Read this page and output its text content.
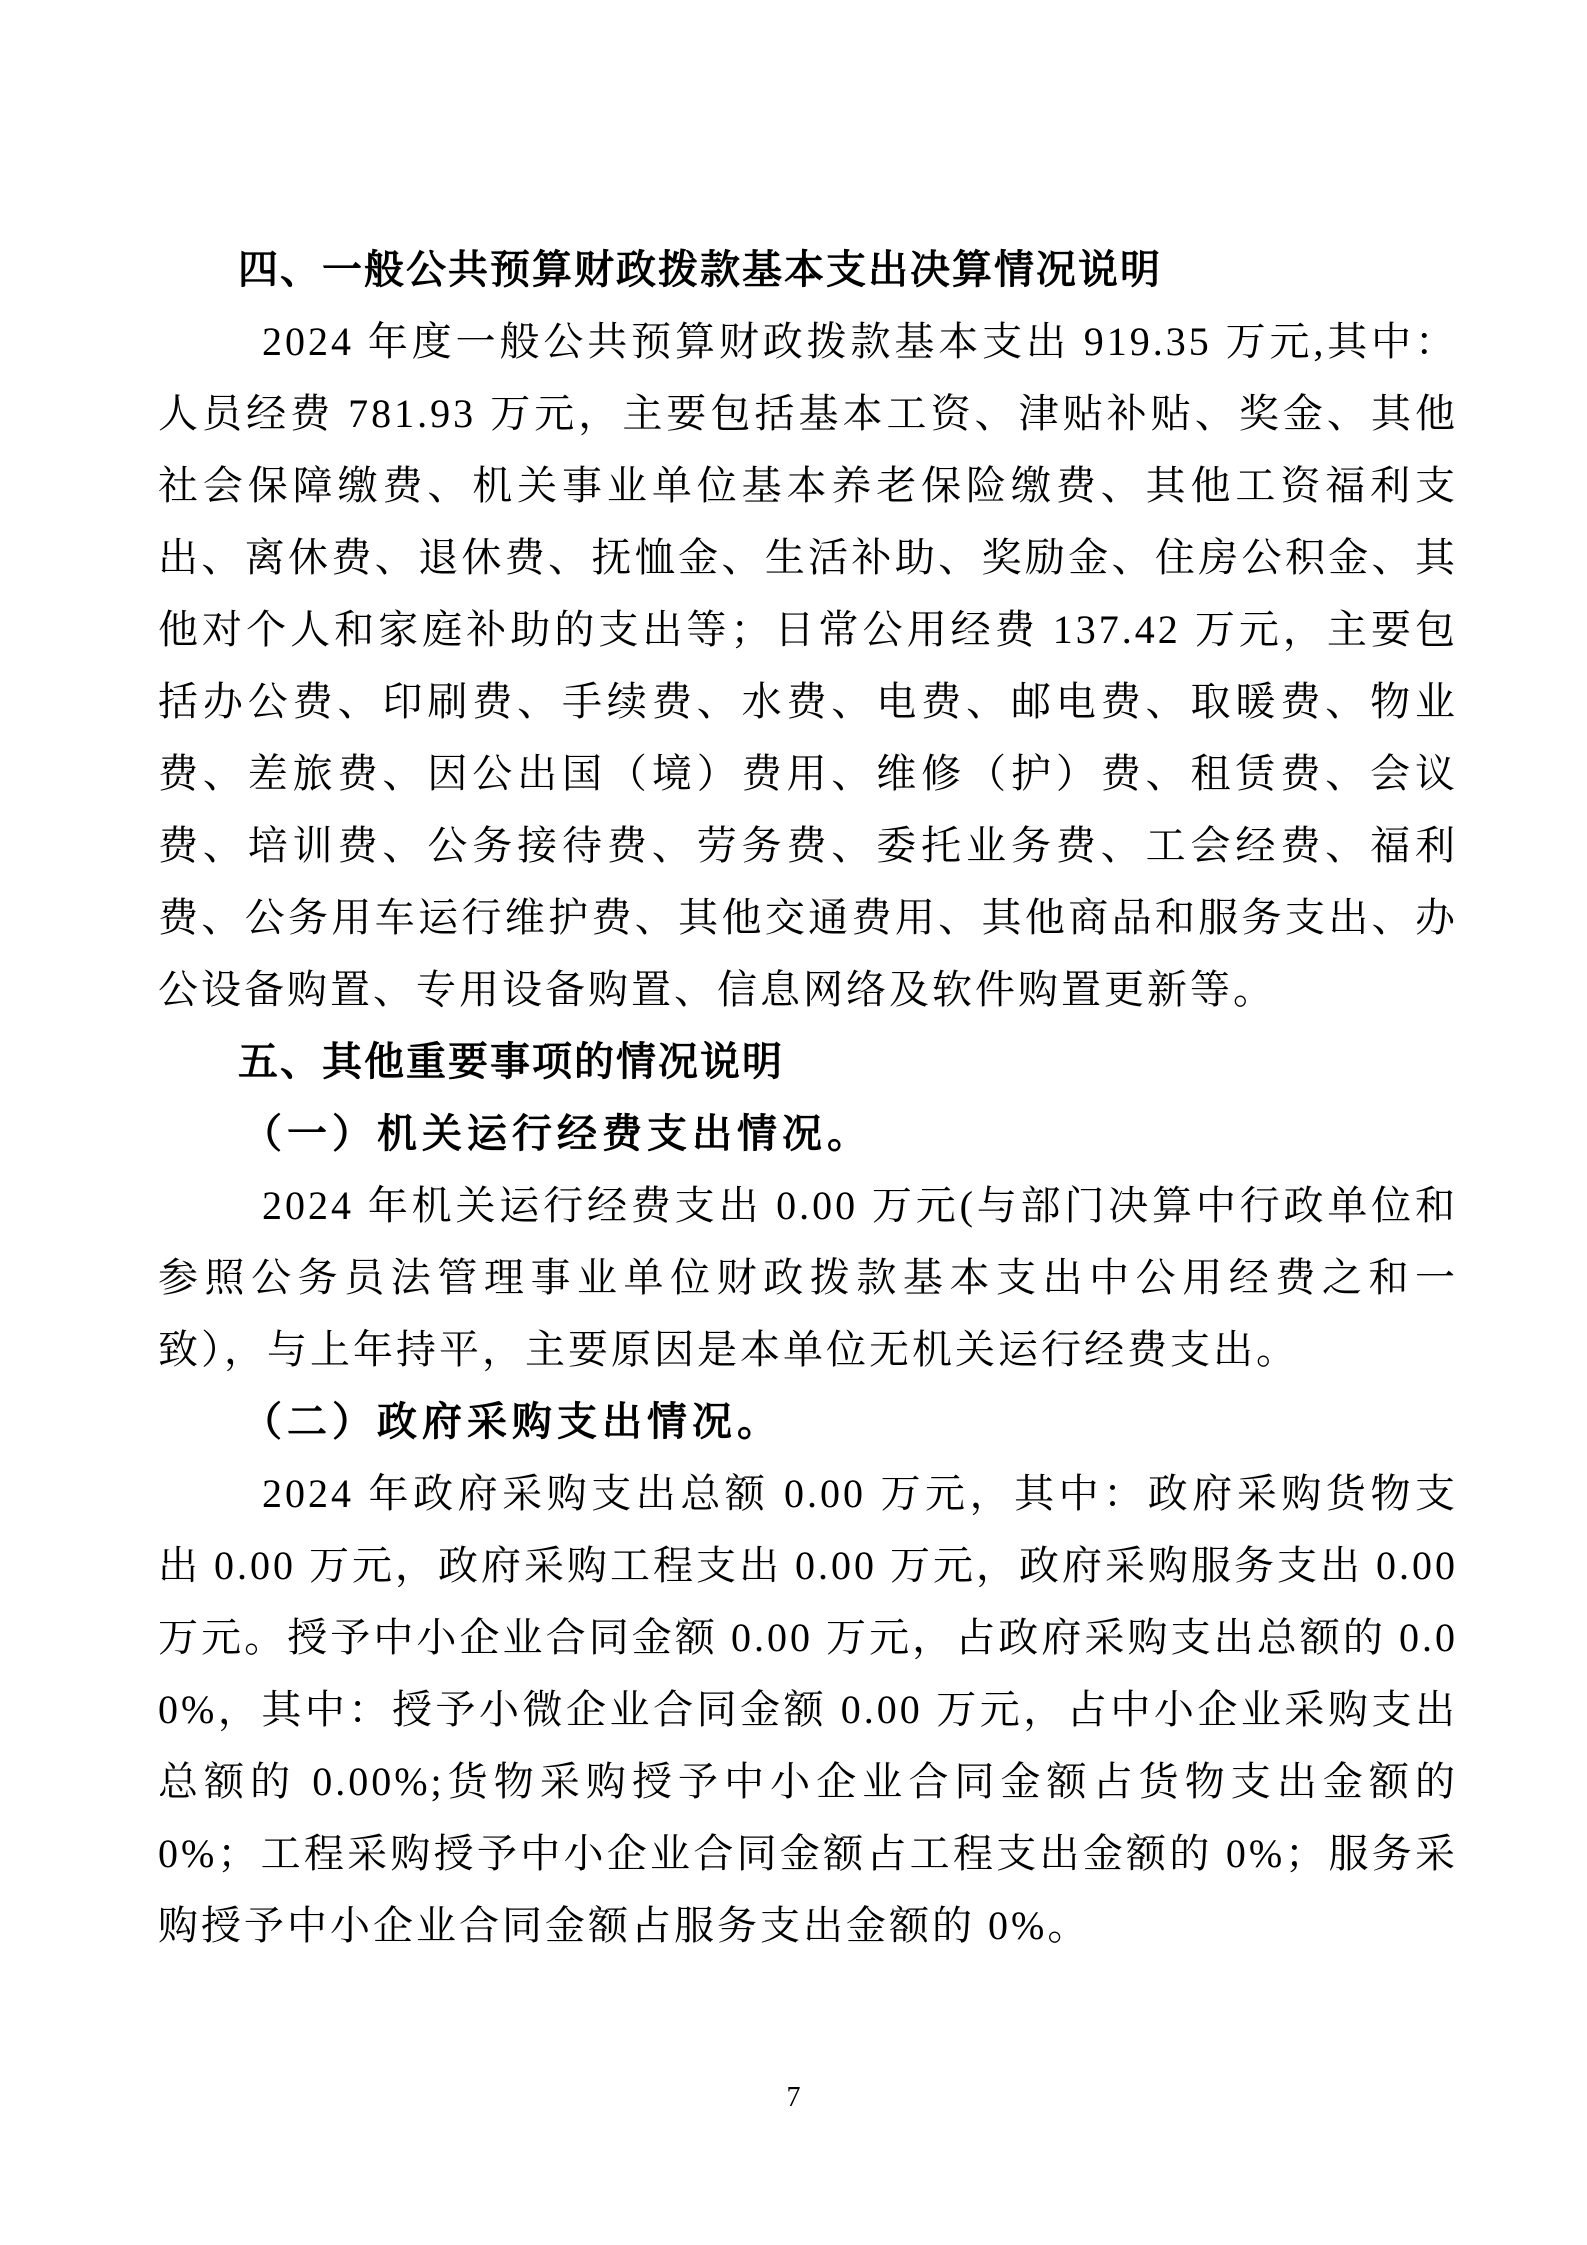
四、一般公共预算财政拨款基本支出决算情况说明

2024 年度一般公共预算财政拨款基本支出 919.35 万元,其中：人员经费 781.93 万元，主要包括基本工资、津贴补贴、奖金、其他社会保障缴费、机关事业单位基本养老保险缴费、其他工资福利支出、离休费、退休费、抚恤金、生活补助、奖励金、住房公积金、其他对个人和家庭补助的支出等；日常公用经费 137.42 万元，主要包括办公费、印刷费、手续费、水费、电费、邮电费、取暖费、物业费、差旅费、因公出国（境）费用、维修（护）费、租赁费、会议费、培训费、公务接待费、劳务费、委托业务费、工会经费、福利费、公务用车运行维护费、其他交通费用、其他商品和服务支出、办公设备购置、专用设备购置、信息网络及软件购置更新等。

五、其他重要事项的情况说明
（一）机关运行经费支出情况。

2024 年机关运行经费支出 0.00 万元(与部门决算中行政单位和参照公务员法管理事业单位财政拨款基本支出中公用经费之和一致），与上年持平，主要原因是本单位无机关运行经费支出。

（二）政府采购支出情况。

2024 年政府采购支出总额 0.00 万元，其中：政府采购货物支出 0.00 万元，政府采购工程支出 0.00 万元，政府采购服务支出 0.00 万元。授予中小企业合同金额 0.00 万元，占政府采购支出总额的 0.00%，其中：授予小微企业合同金额 0.00 万元，占中小企业采购支出总额的 0.00%;货物采购授予中小企业合同金额占货物支出金额的 0%；工程采购授予中小企业合同金额占工程支出金额的 0%；服务采购授予中小企业合同金额占服务支出金额的 0%。

7
